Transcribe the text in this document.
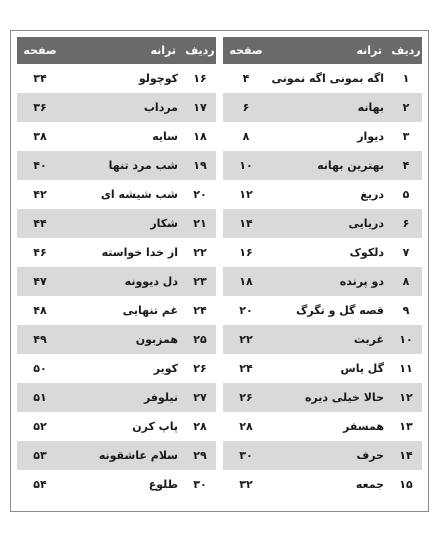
ردیف
ترانه
صفحه
۱
اگه بمونی اگه نمونی
۴
۲
بهانه
۶
۳
دیوار
۸
۴
بهترین بهانه
۱۰
۵
دریغ
۱۲
۶
دریایی
۱۴
۷
دلکوک
۱۶
۸
دو پرنده
۱۸
۹
قصه گل و تگرگ
۲۰
۱۰
غربت
۲۲
۱۱
گل یاس
۲۴
۱۲
حالا خیلی دیره
۲۶
۱۳
همسفر
۲۸
۱۴
حرف
۳۰
۱۵
جمعه
۳۲
ردیف
ترانه
صفحه
۱۶
کوچولو
۳۴
۱۷
مرداب
۳۶
۱۸
سایه
۳۸
۱۹
شب مرد تنها
۴۰
۲۰
شب شیشه ای
۴۲
۲۱
شکار
۴۴
۲۲
از خدا خواسته
۴۶
۲۳
دل دیوونه
۴۷
۲۴
غم تنهایی
۴۸
۲۵
همزبون
۴۹
۲۶
کویر
۵۰
۲۷
نیلوفر
۵۱
۲۸
پاپ کرن
۵۲
۲۹
سلام عاشقونه
۵۳
۳۰
طلوع
۵۴
